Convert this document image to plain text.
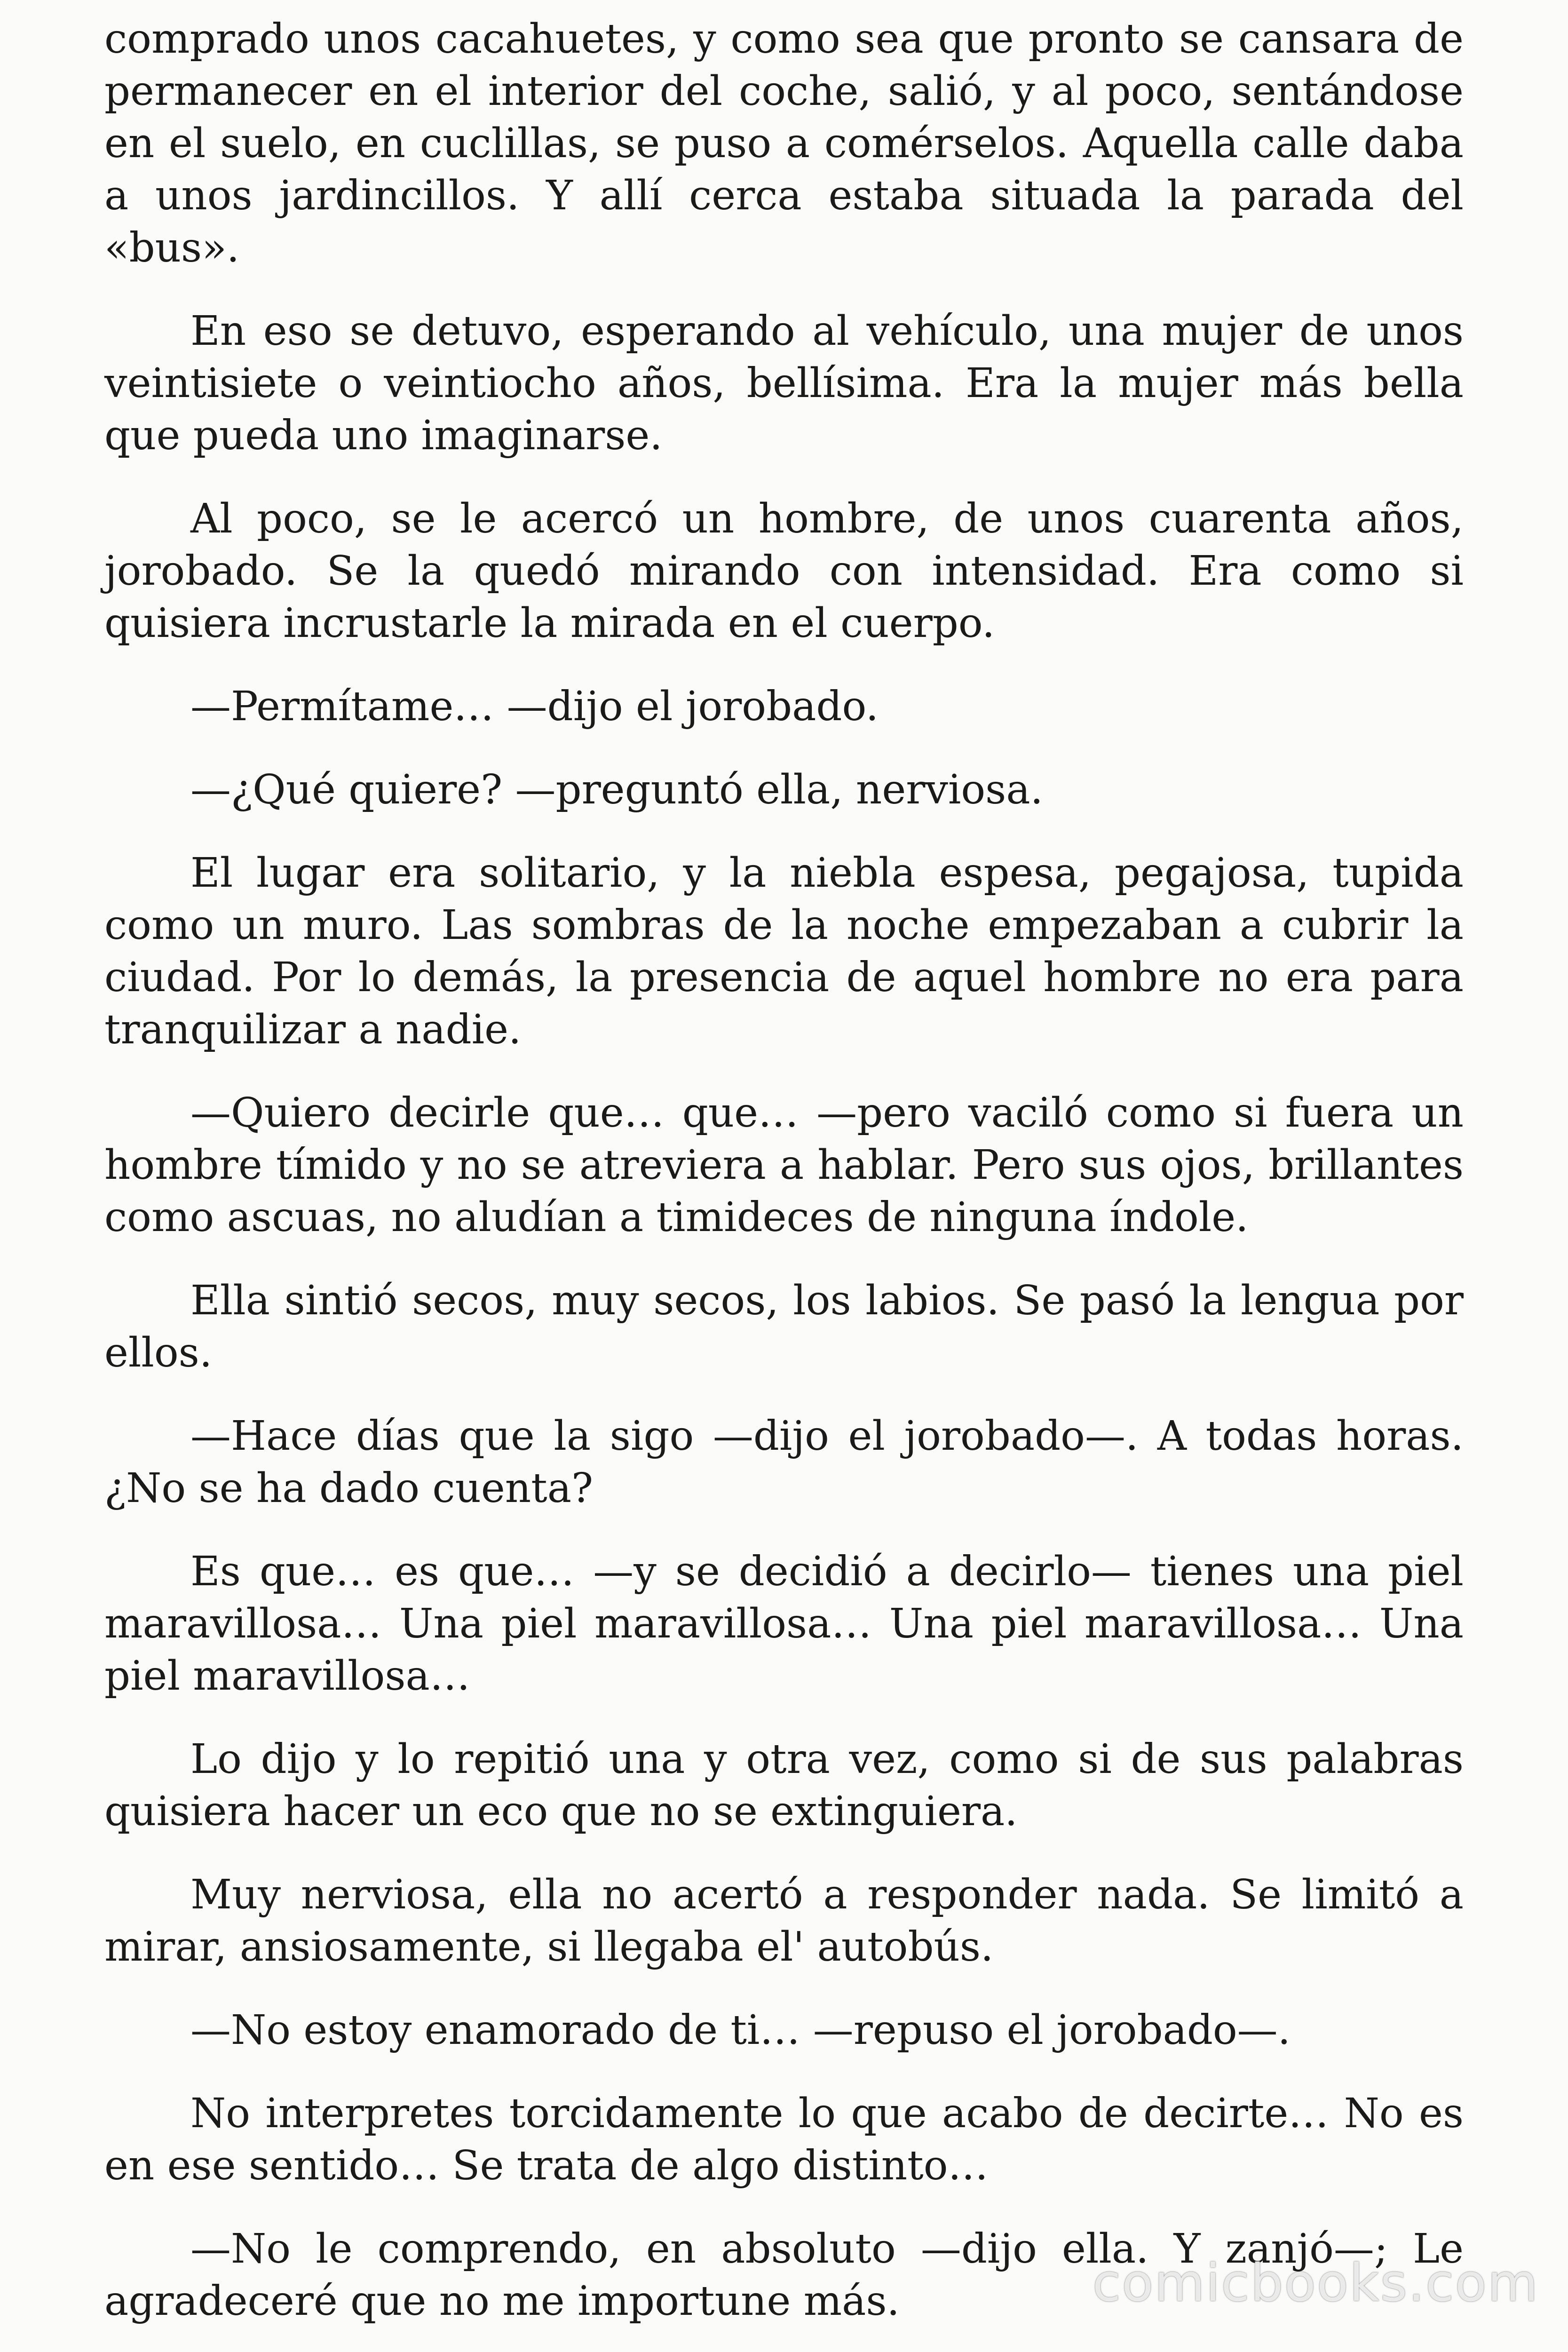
comprado unos cacahuetes, y como sea que pronto se cansara de permanecer en el interior del coche, salió, y al poco, sentándose en el suelo, en cuclillas, se puso a comérselos. Aquella calle daba a unos jardincillos. Y allí cerca estaba situada la parada del «bus».

En eso se detuvo, esperando al vehículo, una mujer de unos veintisiete o veintiocho años, bellísima. Era la mujer más bella que pueda uno imaginarse.

Al poco, se le acercó un hombre, de unos cuarenta años, jorobado. Se la quedó mirando con intensidad. Era como si quisiera incrustarle la mirada en el cuerpo.

—Permítame… —dijo el jorobado.

—¿Qué quiere? —preguntó ella, nerviosa.

El lugar era solitario, y la niebla espesa, pegajosa, tupida como un muro. Las sombras de la noche empezaban a cubrir la ciudad. Por lo demás, la presencia de aquel hombre no era para tranquilizar a nadie.

—Quiero decirle que… que… —pero vaciló como si fuera un hombre tímido y no se atreviera a hablar. Pero sus ojos, brillantes como ascuas, no aludían a timideces de ninguna índole.

Ella sintió secos, muy secos, los labios. Se pasó la lengua por ellos.

—Hace días que la sigo —dijo el jorobado—. A todas horas. ¿No se ha dado cuenta?

Es que… es que… —y se decidió a decirlo— tienes una piel maravillosa… Una piel maravillosa… Una piel maravillosa… Una piel maravillosa…

Lo dijo y lo repitió una y otra vez, como si de sus palabras quisiera hacer un eco que no se extinguiera.

Muy nerviosa, ella no acertó a responder nada. Se limitó a mirar, ansiosamente, si llegaba el' autobús.

—No estoy enamorado de ti… —repuso el jorobado—.

No interpretes torcidamente lo que acabo de decirte… No es en ese sentido… Se trata de algo distinto…

—No le comprendo, en absoluto —dijo ella. Y zanjó—; Le agradeceré que no me importune más.	comicbooks.com
